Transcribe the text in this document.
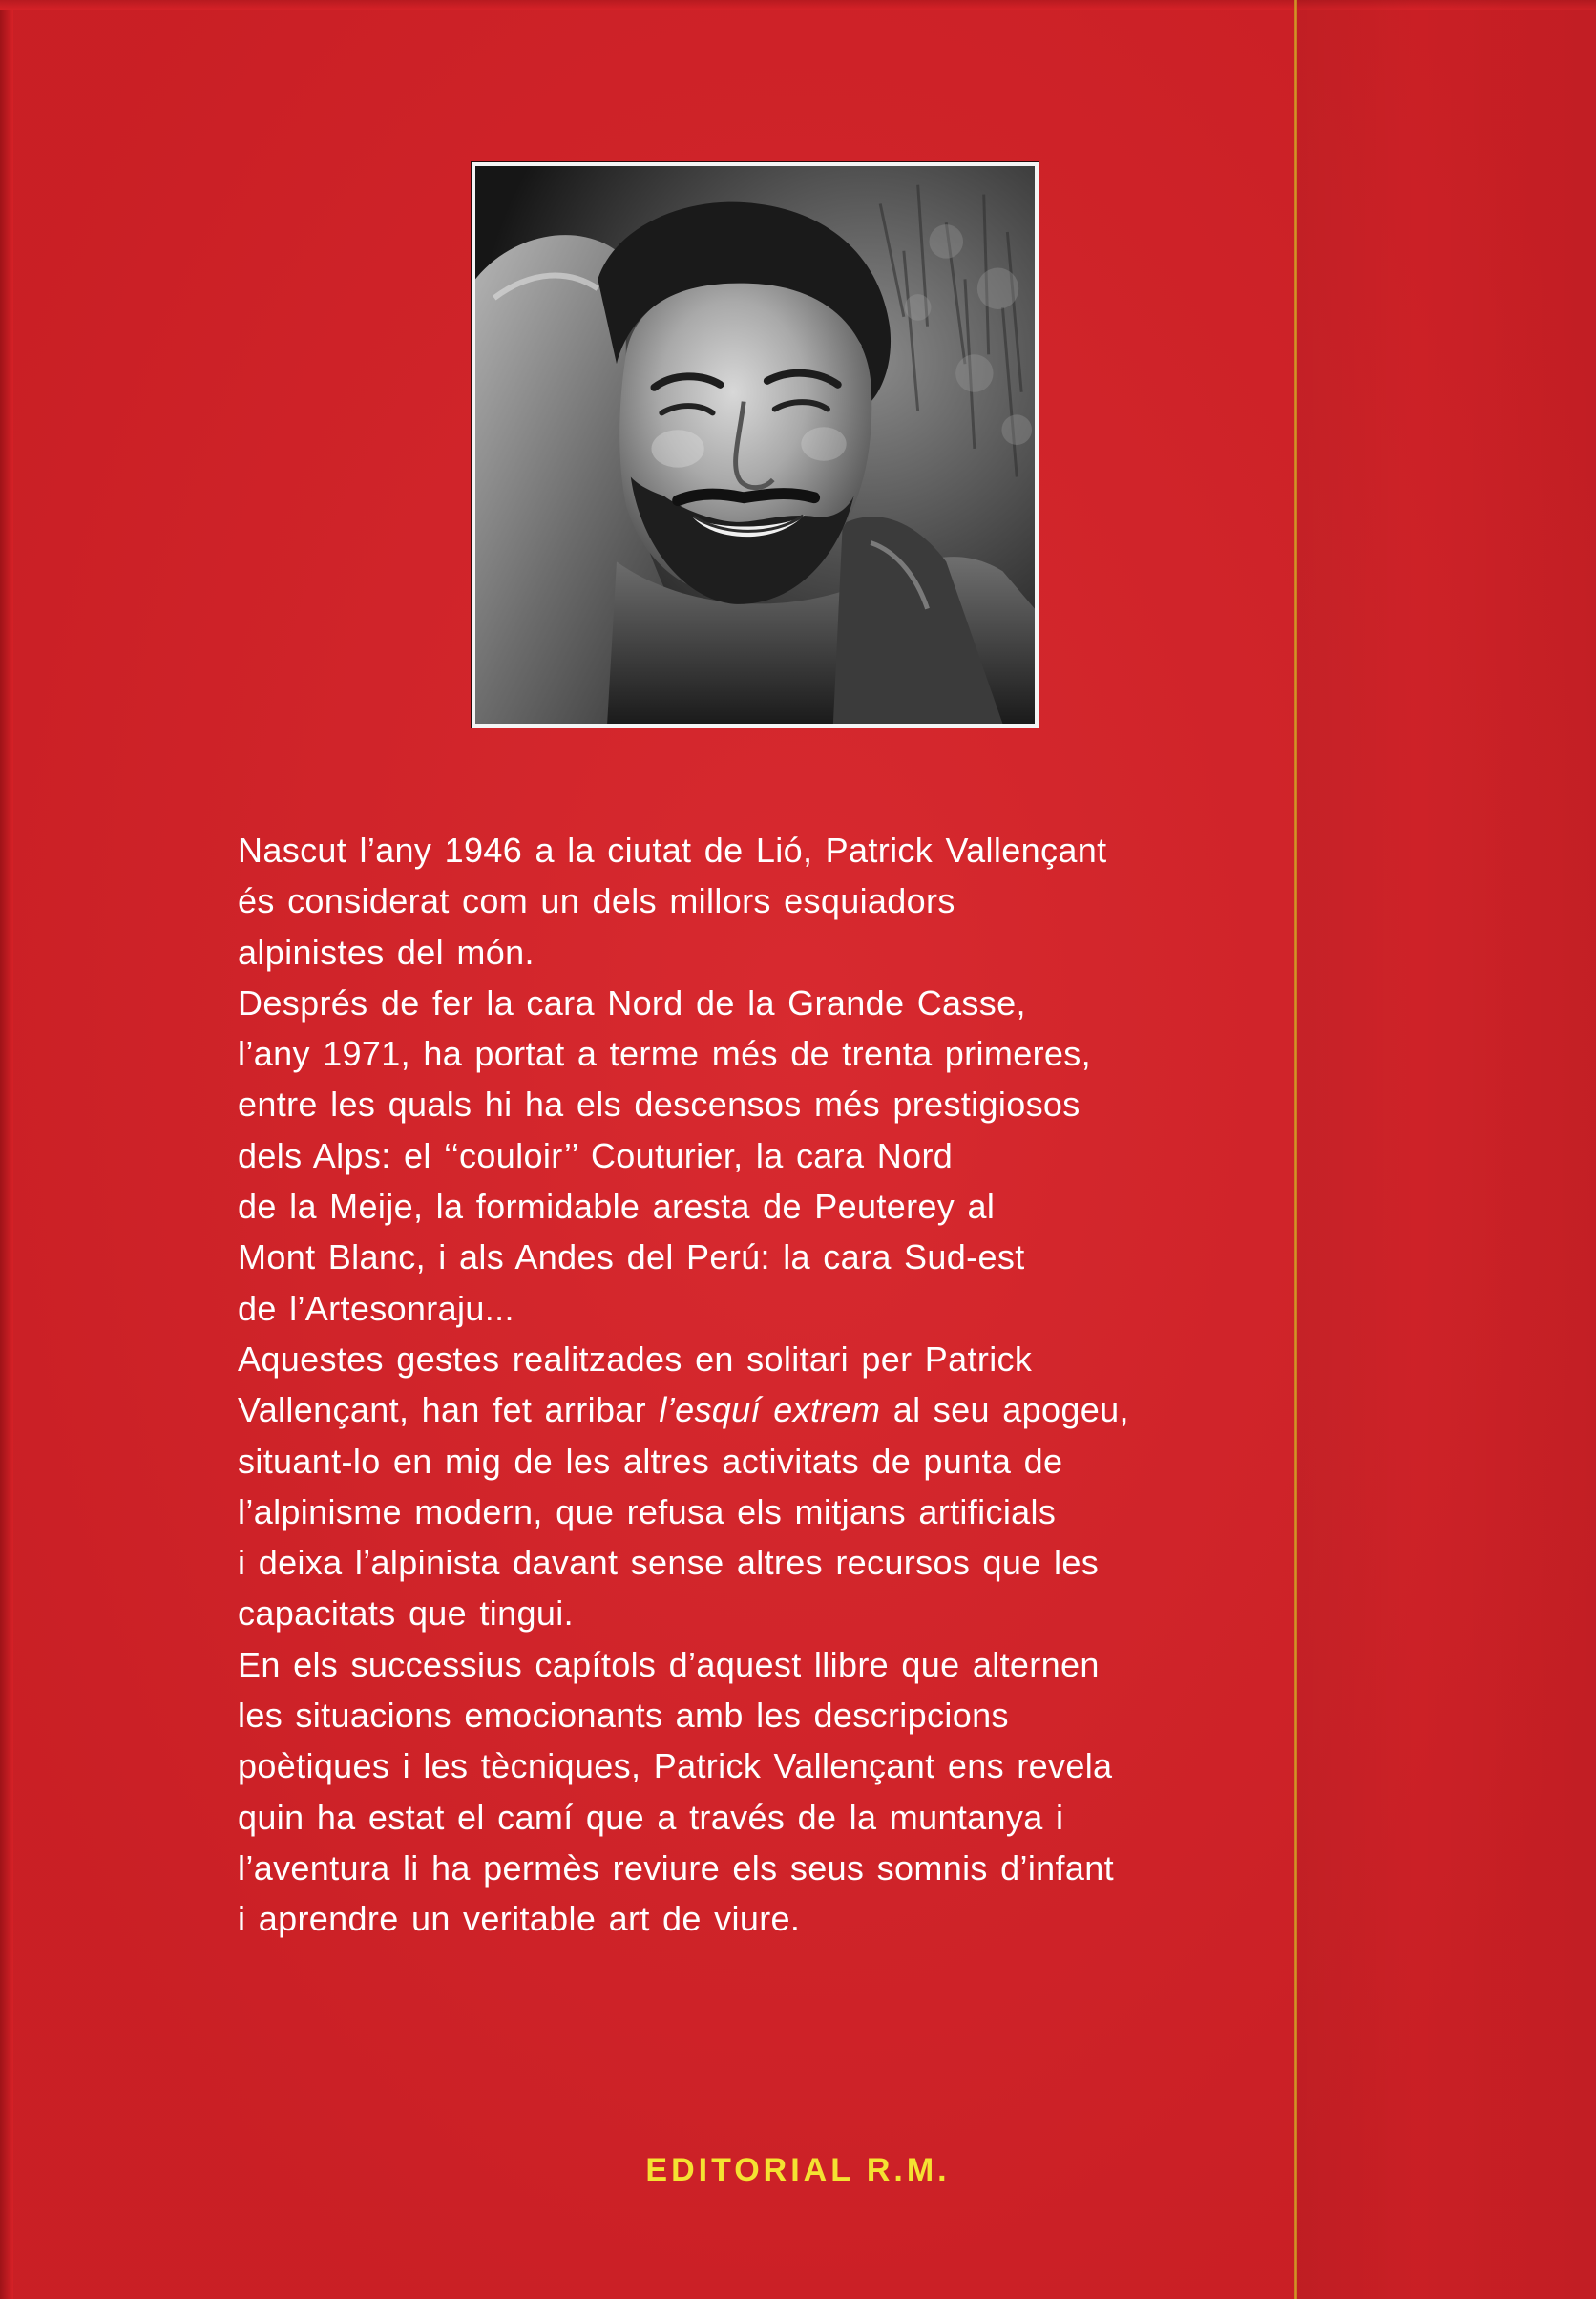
Nascut l’any 1946 a la ciutat de Lió, Patrick Vallençant
és considerat com un dels millors esquiadors
alpinistes del món.

Després de fer la cara Nord de la Grande Casse,
l’any 1971, ha portat a terme més de trenta primeres,
entre les quals hi ha els descensos més prestigiosos
dels Alps: el ‘‘couloir’’ Couturier, la cara Nord
de la Meije, la formidable aresta de Peuterey al
Mont Blanc, i als Andes del Perú: la cara Sud-est
de l’Artesonraju...

Aquestes gestes realitzades en solitari per Patrick
Vallençant, han fet arribar l’esquí extrem al seu apogeu,
situant-lo en mig de les altres activitats de punta de
l’alpinisme modern, que refusa els mitjans artificials
i deixa l’alpinista davant sense altres recursos que les
capacitats que tingui.

En els successius capítols d’aquest llibre que alternen
les situacions emocionants amb les descripcions
poètiques i les tècniques, Patrick Vallençant ens revela
quin ha estat el camí que a través de la muntanya i
l’aventura li ha permès reviure els seus somnis d’infant
i aprendre un veritable art de viure.

EDITORIAL R.M.
